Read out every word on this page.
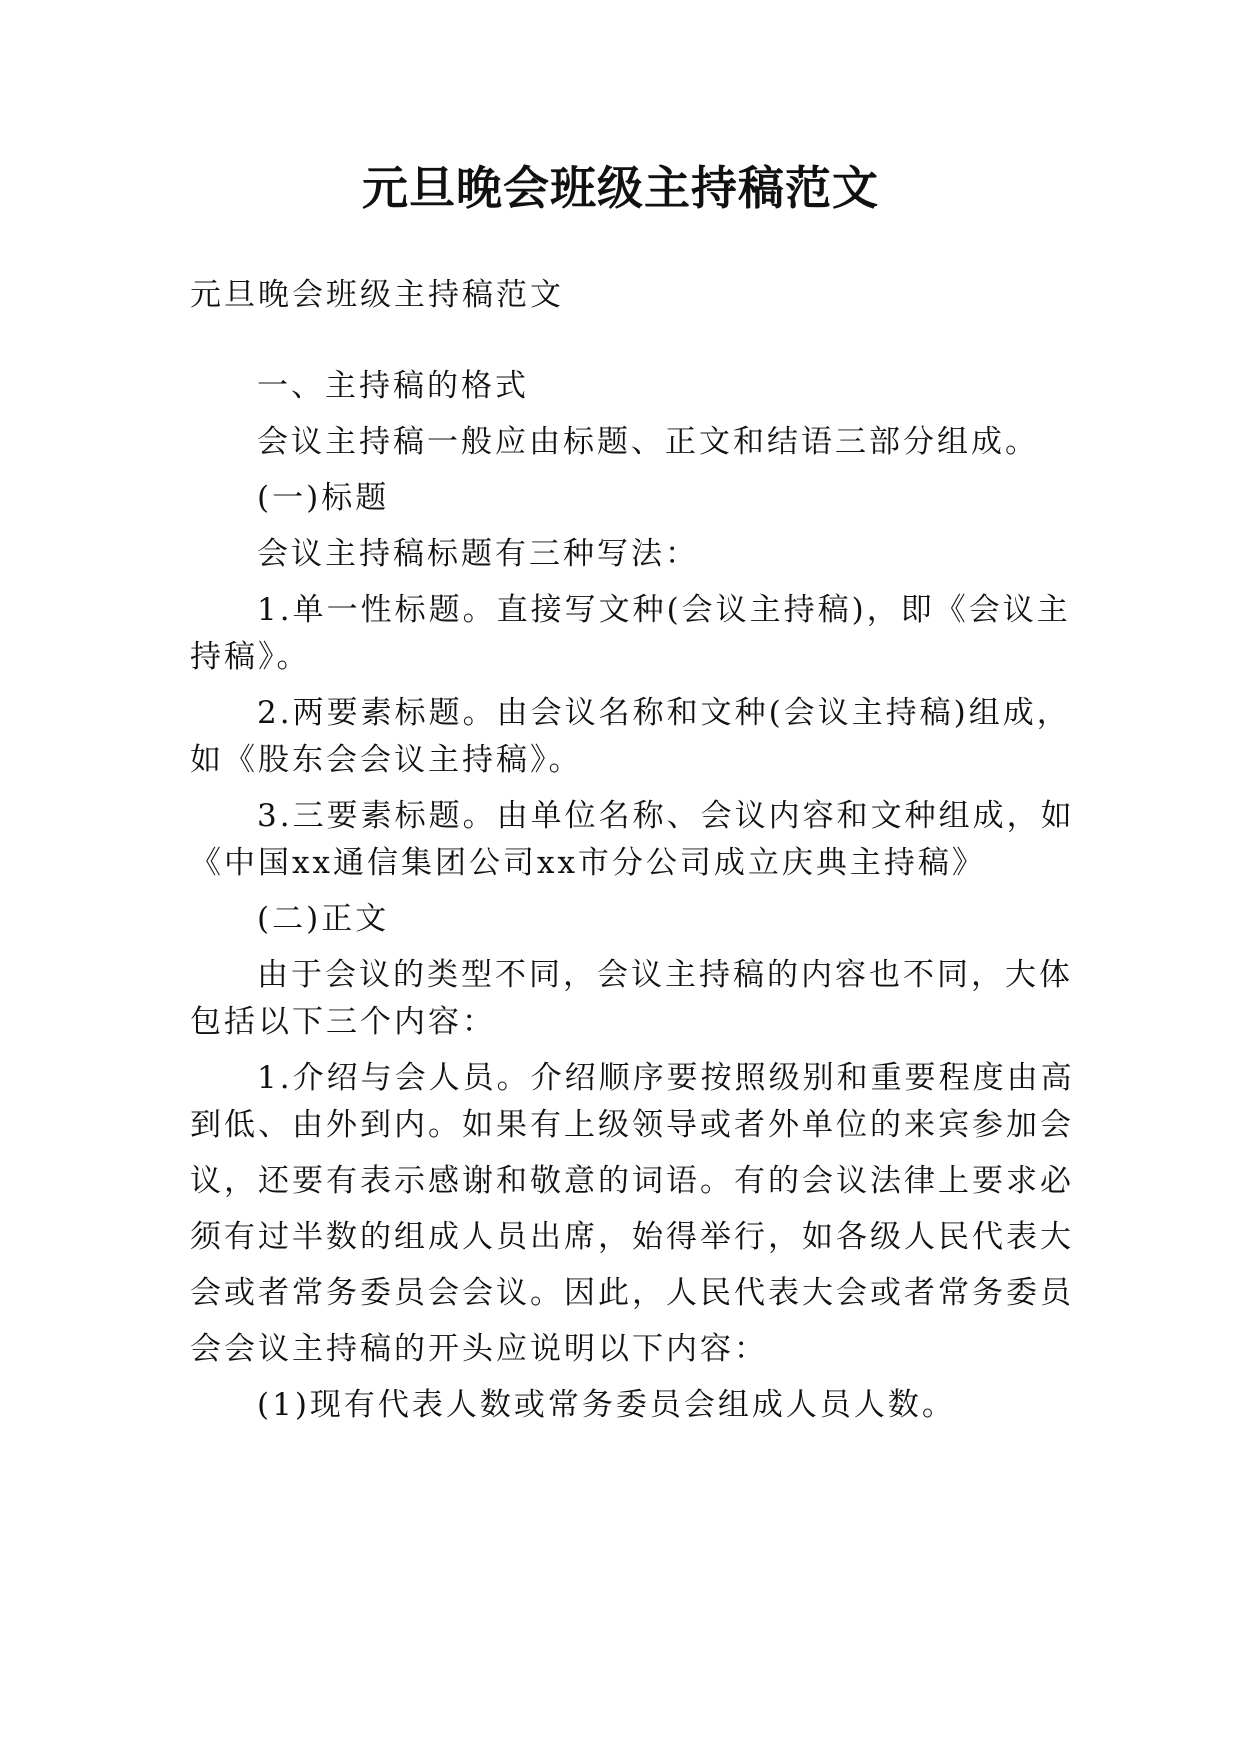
元旦晚会班级主持稿范文

元旦晚会班级主持稿范文

一、主持稿的格式

会议主持稿一般应由标题、正文和结语三部分组成。

(一)标题

会议主持稿标题有三种写法：

1.单一性标题。直接写文种(会议主持稿)，即《会议主

持稿》。

2.两要素标题。由会议名称和文种(会议主持稿)组成，

如《股东会会议主持稿》。

3.三要素标题。由单位名称、会议内容和文种组成，如

《中国xx通信集团公司xx市分公司成立庆典主持稿》

(二)正文

由于会议的类型不同，会议主持稿的内容也不同，大体

包括以下三个内容：

1.介绍与会人员。介绍顺序要按照级别和重要程度由高

到低、由外到内。如果有上级领导或者外单位的来宾参加会

议，还要有表示感谢和敬意的词语。有的会议法律上要求必

须有过半数的组成人员出席，始得举行，如各级人民代表大

会或者常务委员会会议。因此，人民代表大会或者常务委员

会会议主持稿的开头应说明以下内容：

(1)现有代表人数或常务委员会组成人员人数。
